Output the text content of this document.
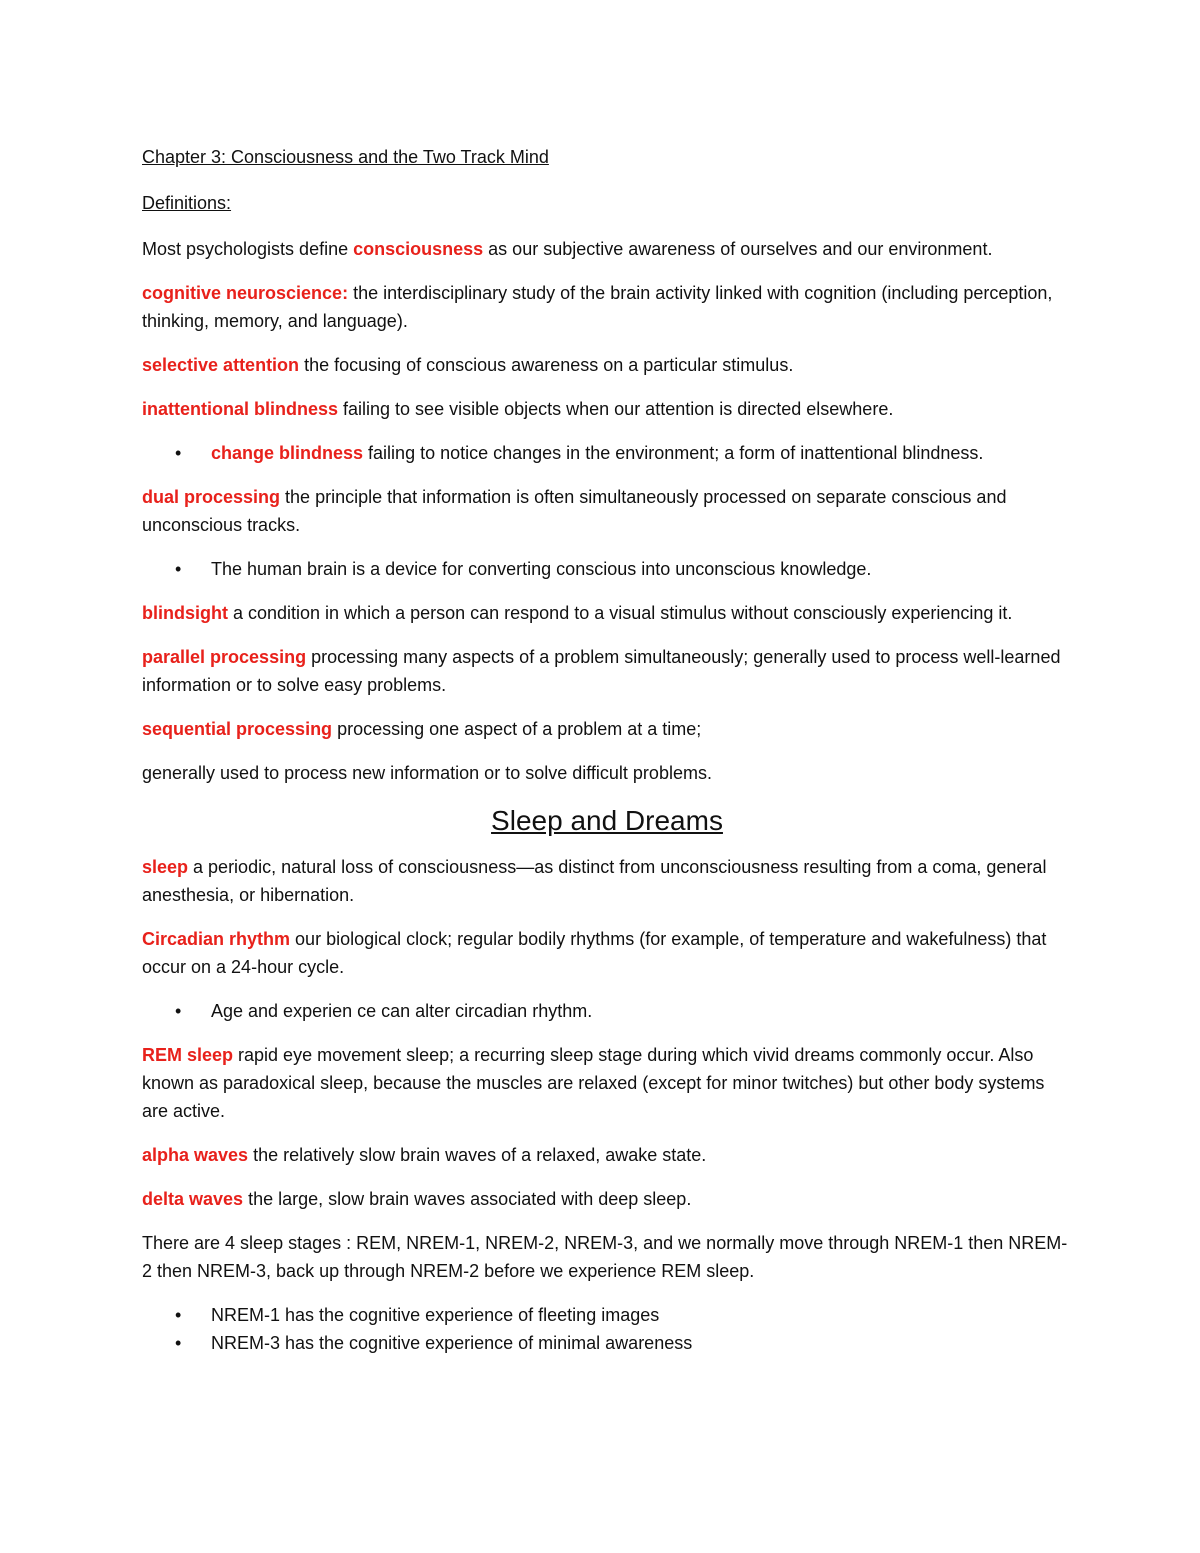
Chapter 3: Consciousness and the Two Track Mind

Definitions:

Most psychologists define consciousness as our subjective awareness of ourselves and our environment.

cognitive neuroscience: the interdisciplinary study of the brain activity linked with cognition (including perception, thinking, memory, and language).

selective attention the focusing of conscious awareness on a particular stimulus.

inattentional blindness failing to see visible objects when our attention is directed elsewhere.

• change blindness failing to notice changes in the environment; a form of inattentional blindness.

dual processing the principle that information is often simultaneously processed on separate conscious and unconscious tracks.

• The human brain is a device for converting conscious into unconscious knowledge.

blindsight a condition in which a person can respond to a visual stimulus without consciously experiencing it.

parallel processing processing many aspects of a problem simultaneously; generally used to process well-learned information or to solve easy problems.

sequential processing processing one aspect of a problem at a time;

generally used to process new information or to solve difficult problems.

Sleep and Dreams

sleep a periodic, natural loss of consciousness—as distinct from unconsciousness resulting from a coma, general anesthesia, or hibernation.

Circadian rhythm our biological clock; regular bodily rhythms (for example, of temperature and wakefulness) that occur on a 24-hour cycle.

• Age and experien ce can alter circadian rhythm.

REM sleep rapid eye movement sleep; a recurring sleep stage during which vivid dreams commonly occur. Also known as paradoxical sleep, because the muscles are relaxed (except for minor twitches) but other body systems are active.

alpha waves the relatively slow brain waves of a relaxed, awake state.

delta waves the large, slow brain waves associated with deep sleep.

There are 4 sleep stages : REM, NREM-1, NREM-2, NREM-3, and we normally move through NREM-1 then NREM-2 then NREM-3, back up through NREM-2 before we experience REM sleep.

• NREM-1 has the cognitive experience of fleeting images
• NREM-3 has the cognitive experience of minimal awareness
